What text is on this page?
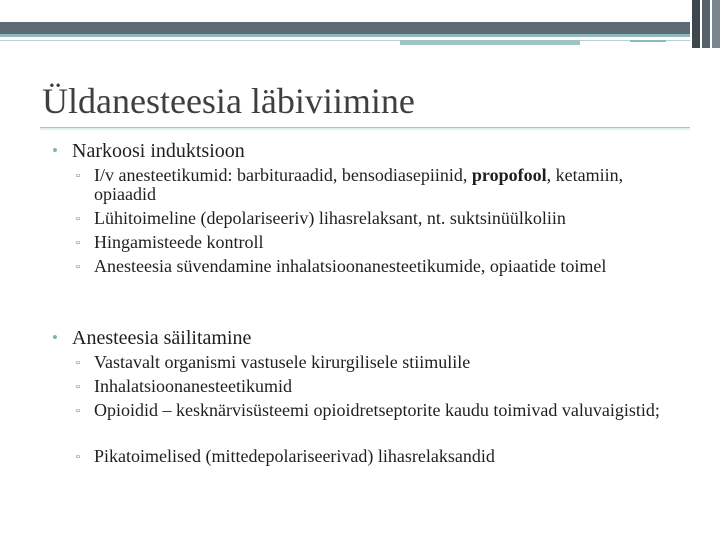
Üldanesteesia läbiviimine
• Narkoosi induktsioon
▫ I/v anesteetikumid: barbituraadid, bensodiasepiinid, propofool, ketamiin, opiaadid
▫ Lühitoimeline (depolariseeriv) lihasrelaksant, nt. suktsinüülkoliin
▫ Hingamisteede kontroll
▫ Anesteesia süvendamine inhalatsioonanesteetikumide, opiaatide toimel
• Anesteesia säilitamine
▫ Vastavalt organismi vastusele kirurgilisele stiimulile
▫ Inhalatsioonanesteetikumid
▫ Opioidid – kesknärvisüsteemi opioidretseptorite kaudu toimivad valuvaigistid;
▫ Pikatoimelised (mittedepolariseerivad) lihasrelaksandid
